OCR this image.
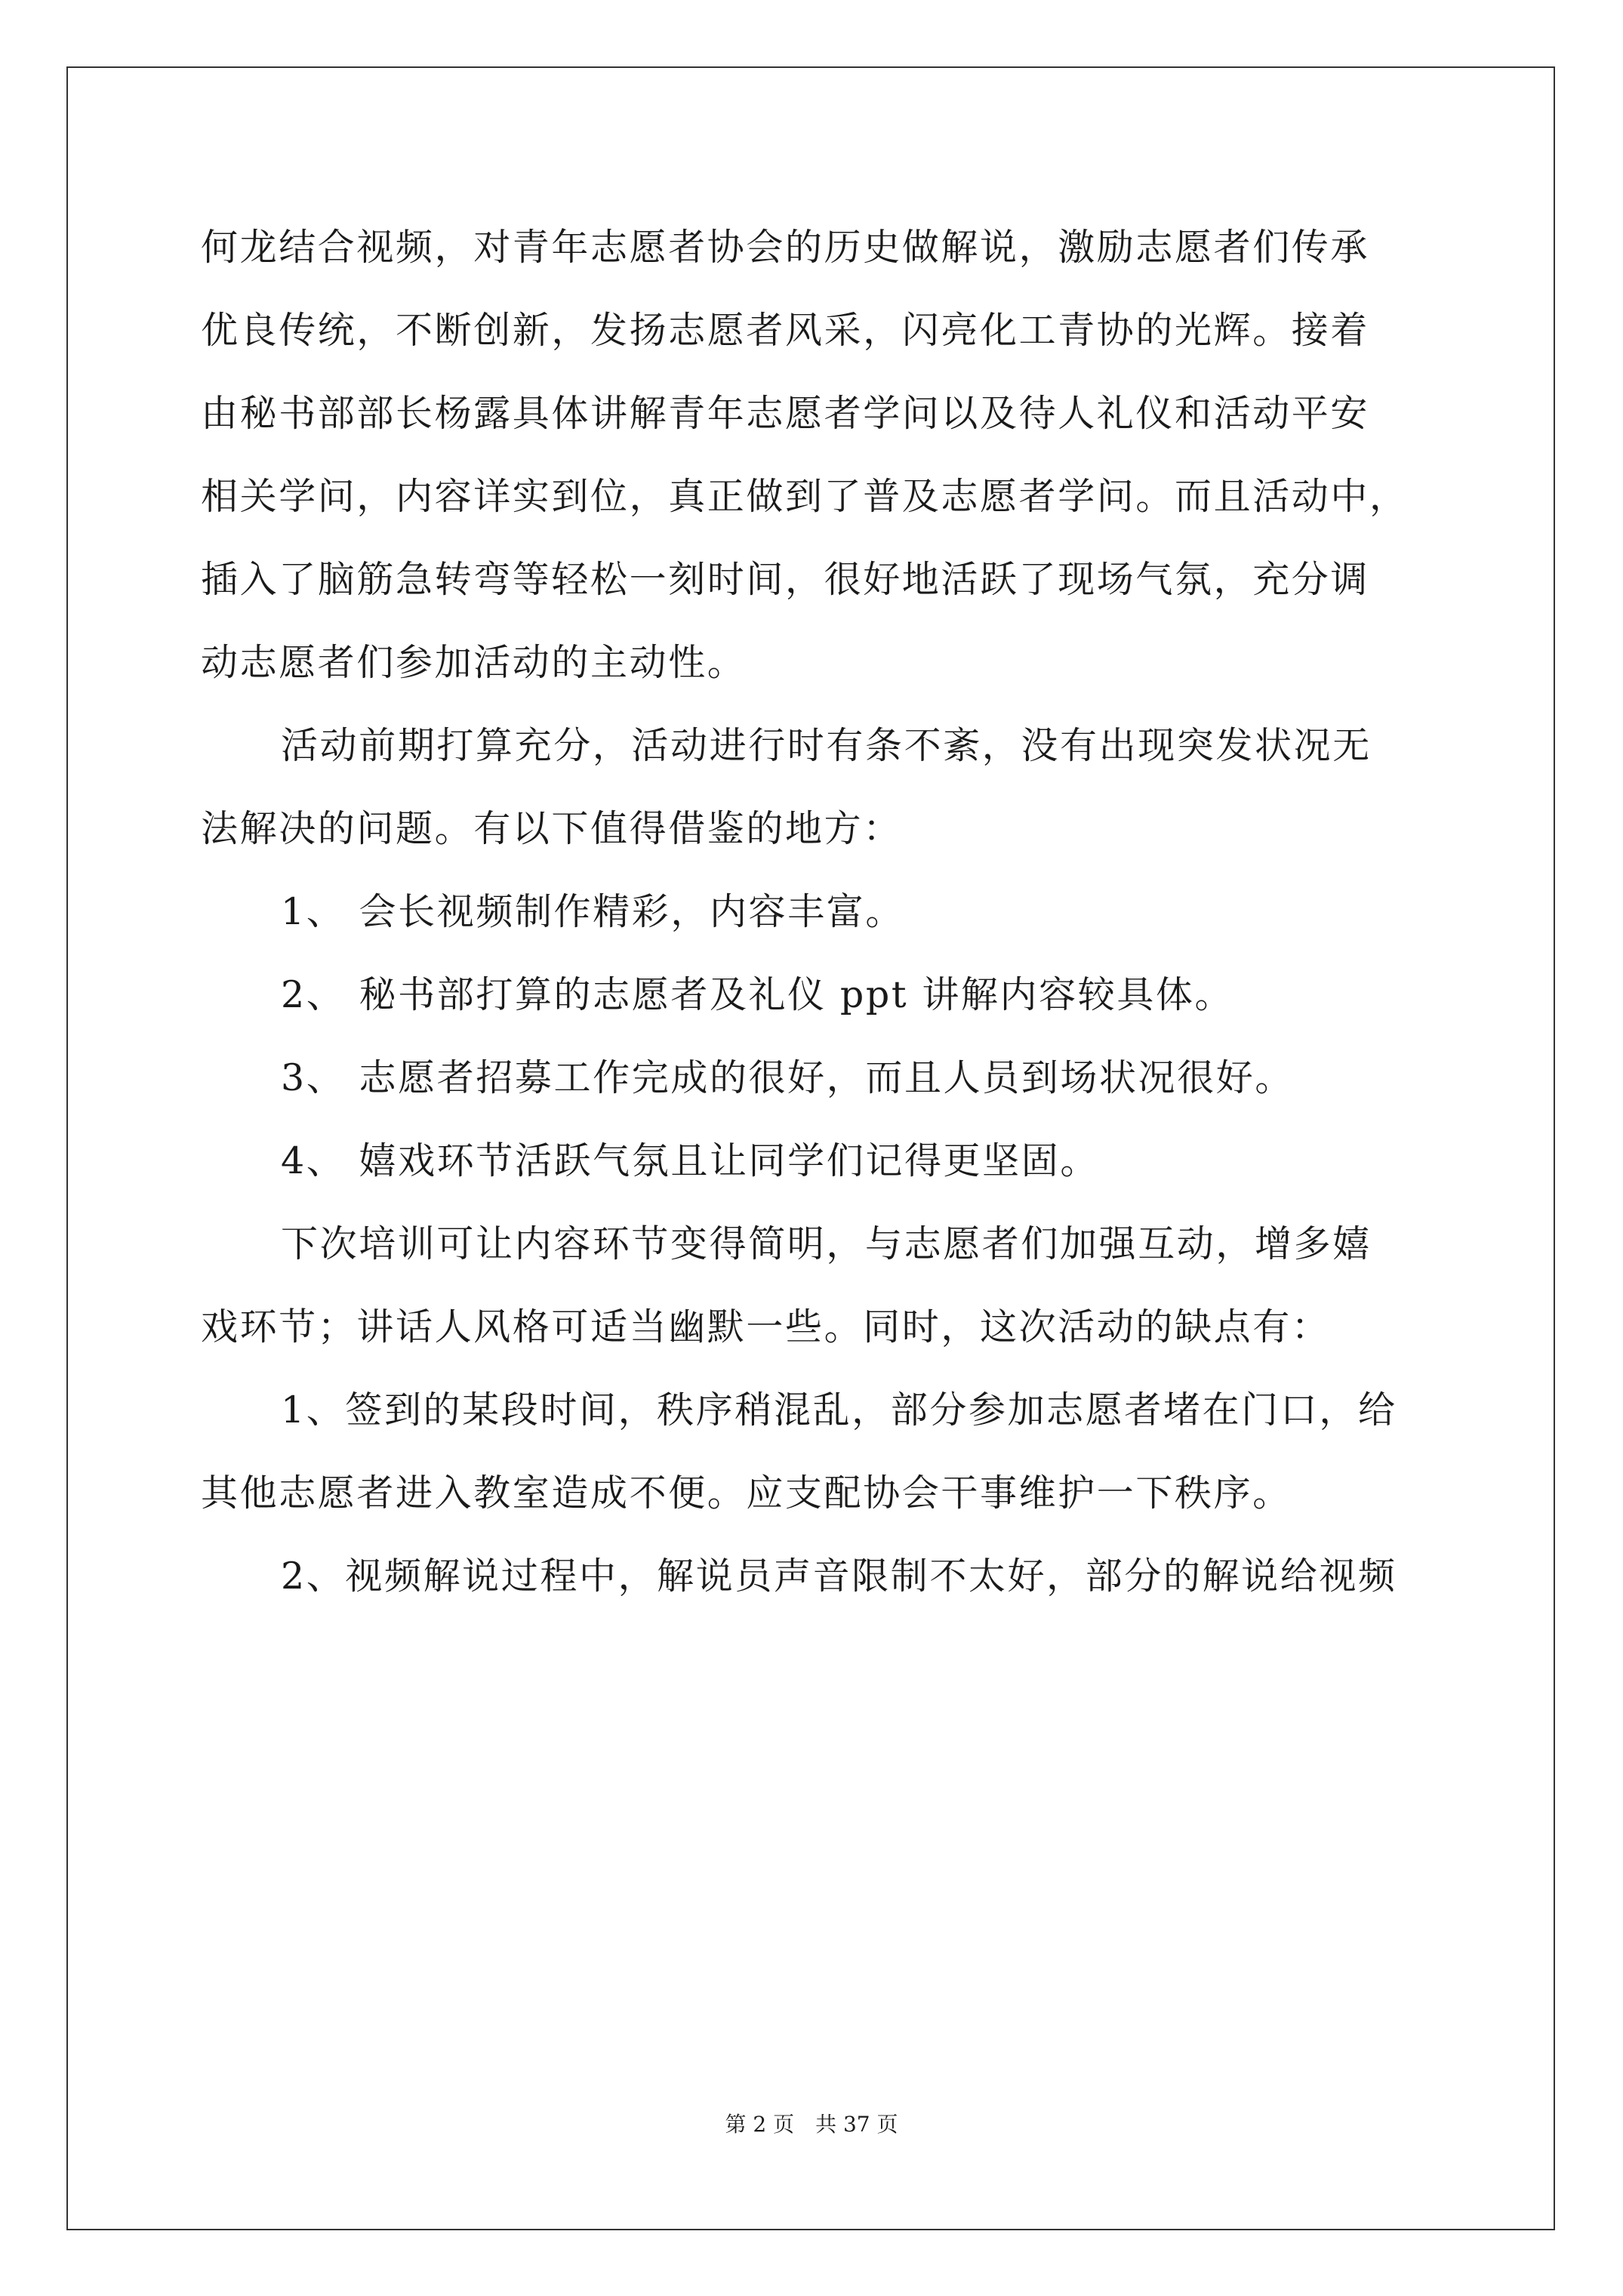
何龙结合视频，对青年志愿者协会的历史做解说，激励志愿者们传承
优良传统，不断创新，发扬志愿者风采，闪亮化工青协的光辉。接着
由秘书部部长杨露具体讲解青年志愿者学问以及待人礼仪和活动平安
相关学问，内容详实到位，真正做到了普及志愿者学问。而且活动中，
插入了脑筋急转弯等轻松一刻时间，很好地活跃了现场气氛，充分调
动志愿者们参加活动的主动性。
活动前期打算充分，活动进行时有条不紊，没有出现突发状况无
法解决的问题。有以下值得借鉴的地方：
1、 会长视频制作精彩，内容丰富。
2、 秘书部打算的志愿者及礼仪 ppt 讲解内容较具体。
3、 志愿者招募工作完成的很好，而且人员到场状况很好。
4、 嬉戏环节活跃气氛且让同学们记得更坚固。
下次培训可让内容环节变得简明，与志愿者们加强互动，增多嬉
戏环节；讲话人风格可适当幽默一些。同时，这次活动的缺点有：
1、签到的某段时间，秩序稍混乱，部分参加志愿者堵在门口，给
其他志愿者进入教室造成不便。应支配协会干事维护一下秩序。
2、视频解说过程中，解说员声音限制不太好，部分的解说给视频
第 2 页　共 37 页
